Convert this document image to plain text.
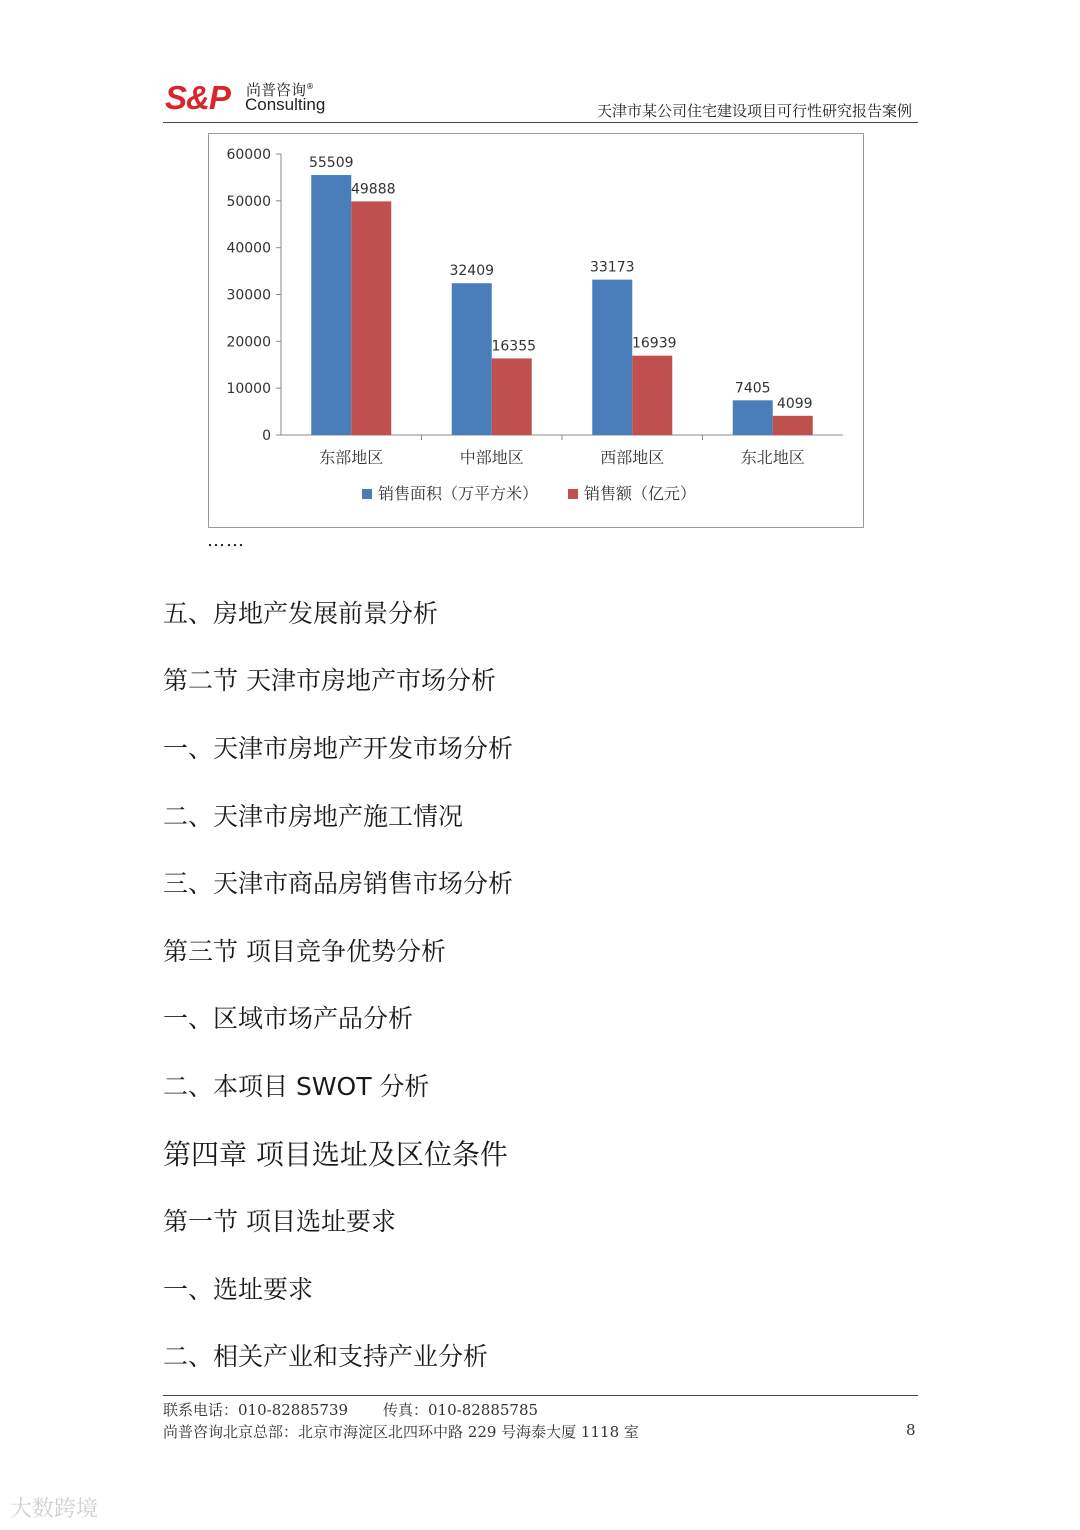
S&P 尚普咨询®
Consulting	天津市某公司住宅建设项目可行性研究报告案例
0
10000
20000
30000
40000
50000
60000
55509
49888
东部地区
32409
16355
中部地区
33173
16939
西部地区
7405
4099
东北地区
销售面积（万平方米）	销售额（亿元）
……
五、房地产发展前景分析
第二节 天津市房地产市场分析
一、天津市房地产开发市场分析
二、天津市房地产施工情况
三、天津市商品房销售市场分析
第三节 项目竞争优势分析
一、区域市场产品分析
二、本项目 SWOT 分析
第四章 项目选址及区位条件
第一节 项目选址要求
一、选址要求
二、相关产业和支持产业分析
联系电话：010-82885739 传真：010-82885785
尚普咨询北京总部：北京市海淀区北四环中路 229 号海泰大厦 1118 室	8
大数跨境
